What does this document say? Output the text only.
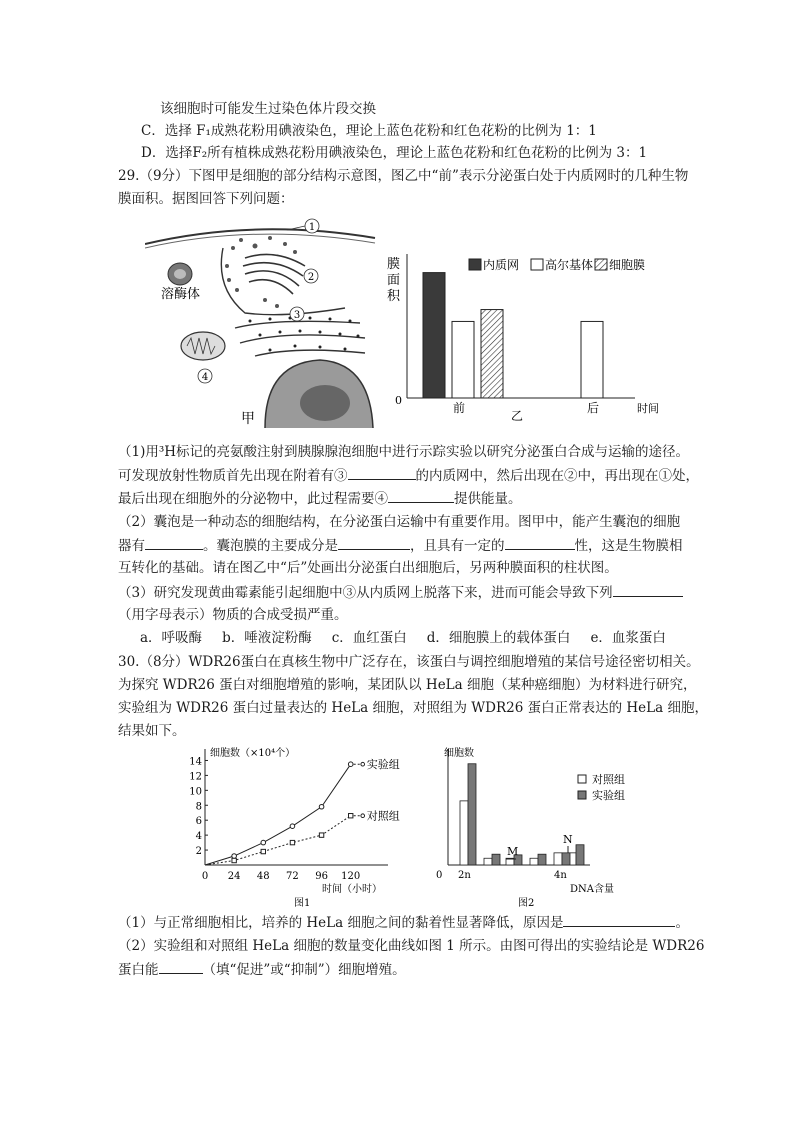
该细胞时可能发生过染色体片段交换
C．选择 F₁成熟花粉用碘液染色，理论上蓝色花粉和红色花粉的比例为 1：1
D．选择F₂所有植株成熟花粉用碘液染色，理论上蓝色花粉和红色花粉的比例为 3：1
29.（9分）下图甲是细胞的部分结构示意图，图乙中“前”表示分泌蛋白处于内质网时的几种生物
膜面积。据图回答下列问题：
1
溶酶体
2
3
4
甲
膜
面
积
0
时间
内质网 高尔基体 细胞膜
前
乙
后
（1)用³H标记的亮氨酸注射到胰腺腺泡细胞中进行示踪实验以研究分泌蛋白合成与运输的途径。
可发现放射性物质首先出现在附着有③	的内质网中，然后出现在②中，再出现在①处，
最后出现在细胞外的分泌物中，此过程需要④	提供能量。
（2）囊泡是一种动态的细胞结构，在分泌蛋白运输中有重要作用。图甲中，能产生囊泡的细胞
器有	。囊泡膜的主要成分是	，且具有一定的	性，这是生物膜相
互转化的基础。请在图乙中“后”处画出分泌蛋白出细胞后，另两种膜面积的柱状图。
（3）研究发现黄曲霉素能引起细胞中③从内质网上脱落下来，进而可能会导致下列
（用字母表示）物质的合成受损严重。
a．呼吸酶 b．唾液淀粉酶 c．血红蛋白 d．细胞膜上的载体蛋白 e．血浆蛋白
30.（8分）WDR26蛋白在真核生物中广泛存在，该蛋白与调控细胞增殖的某信号途径密切相关。
为探究 WDR26 蛋白对细胞增殖的影响，某团队以 HeLa 细胞（某种癌细胞）为材料进行研究，
实验组为 WDR26 蛋白过量表达的 HeLa 细胞，对照组为 WDR26 蛋白正常表达的 HeLa 细胞，
结果如下。
细胞数（×10⁴个）
2
4
6
8
10
12
14
0 24 48 72 96 120
时间（小时）
图1
实验组
对照组
细胞数
0 2n	4n
DNA含量
图2
M
N
对照组
实验组
（1）与正常细胞相比，培养的 HeLa 细胞之间的黏着性显著降低，原因是	。
（2）实验组和对照组 HeLa 细胞的数量变化曲线如图 1 所示。由图可得出的实验结论是 WDR26
蛋白能	（填“促进”或“抑制”）细胞增殖。
